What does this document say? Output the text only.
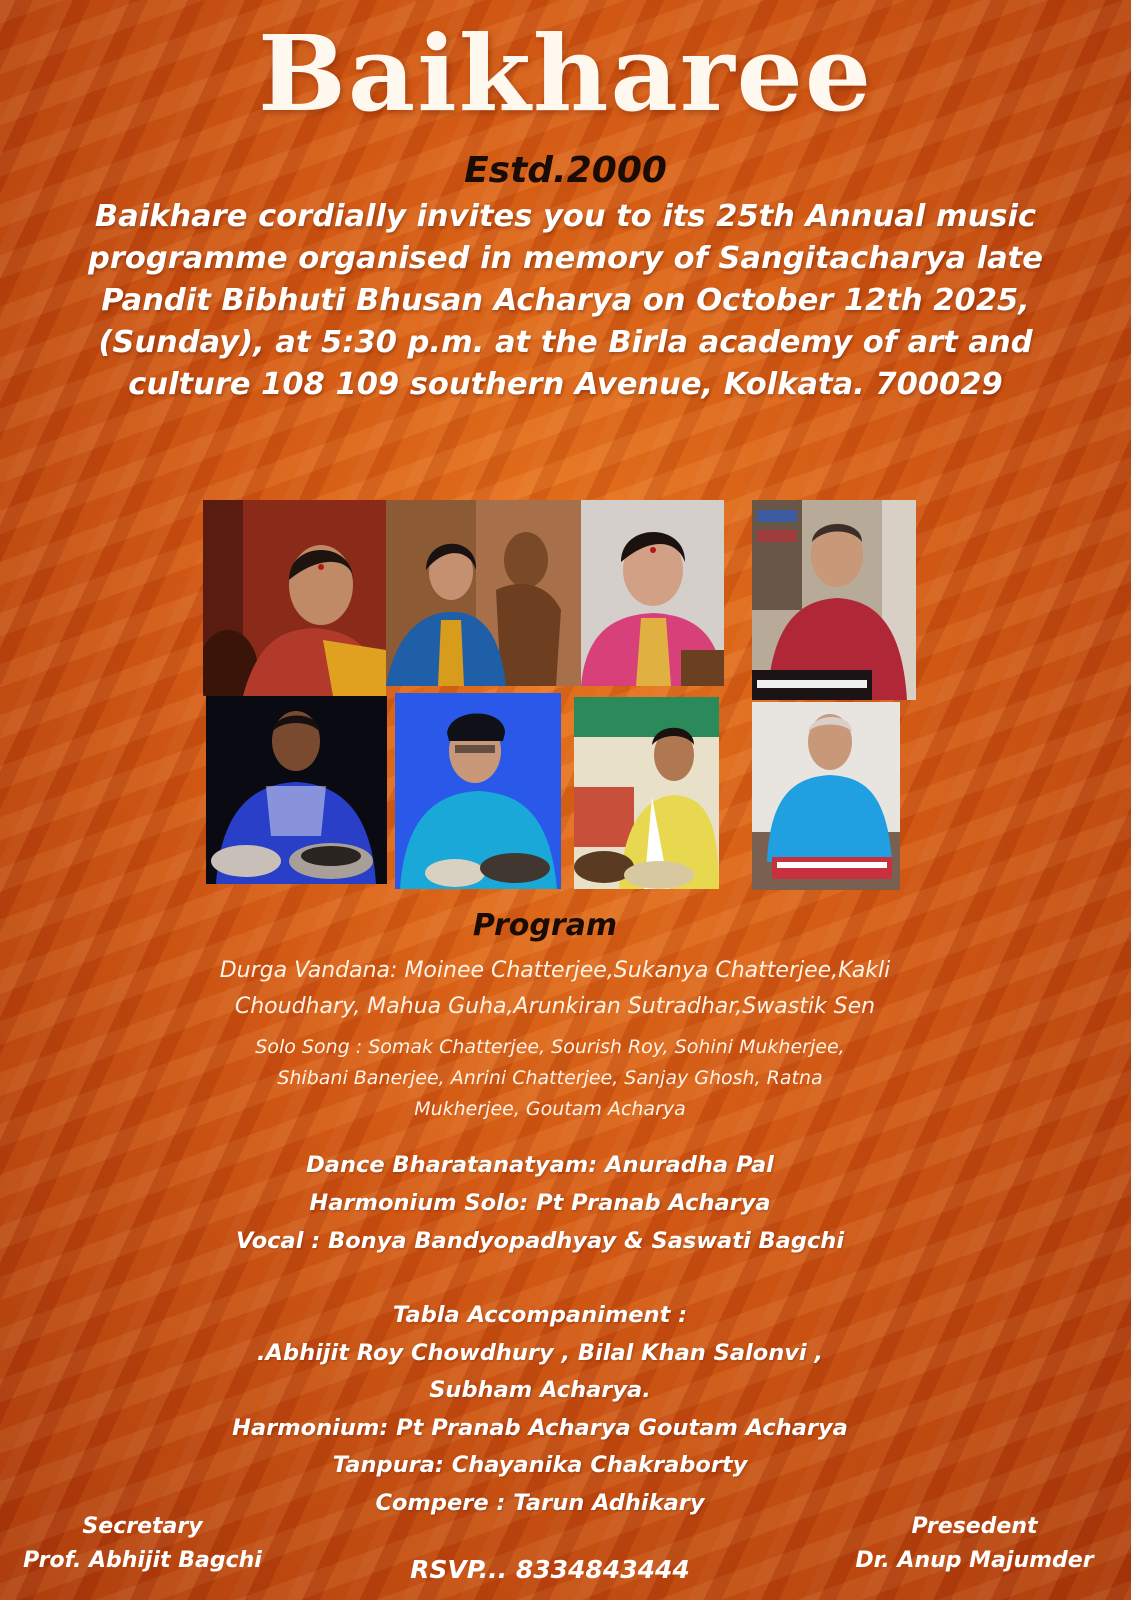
Baikharee
Estd.2000
Baikhare cordially invites you to its 25th Annual music
programme organised in memory of Sangitacharya late
Pandit Bibhuti Bhusan Acharya on October 12th 2025,
(Sunday), at 5:30 p.m. at the Birla academy of art and
culture 108 109 southern Avenue, Kolkata. 700029
Program
Durga Vandana: Moinee Chatterjee,Sukanya Chatterjee,Kakli
Choudhary, Mahua Guha,Arunkiran Sutradhar,Swastik Sen
Solo Song : Somak Chatterjee, Sourish Roy, Sohini Mukherjee,
Shibani Banerjee, Anrini Chatterjee, Sanjay Ghosh, Ratna
Mukherjee, Goutam Acharya
Dance Bharatanatyam: Anuradha Pal
Harmonium Solo: Pt Pranab Acharya
Vocal : Bonya Bandyopadhyay & Saswati Bagchi
Tabla Accompaniment :
.Abhijit Roy Chowdhury , Bilal Khan Salonvi ,
Subham Acharya.
Harmonium: Pt Pranab Acharya Goutam Acharya
Tanpura: Chayanika Chakraborty
Compere : Tarun Adhikary
Secretary
Prof. Abhijit Bagchi	RSVP... 8334843444
Presedent
Dr. Anup Majumder
